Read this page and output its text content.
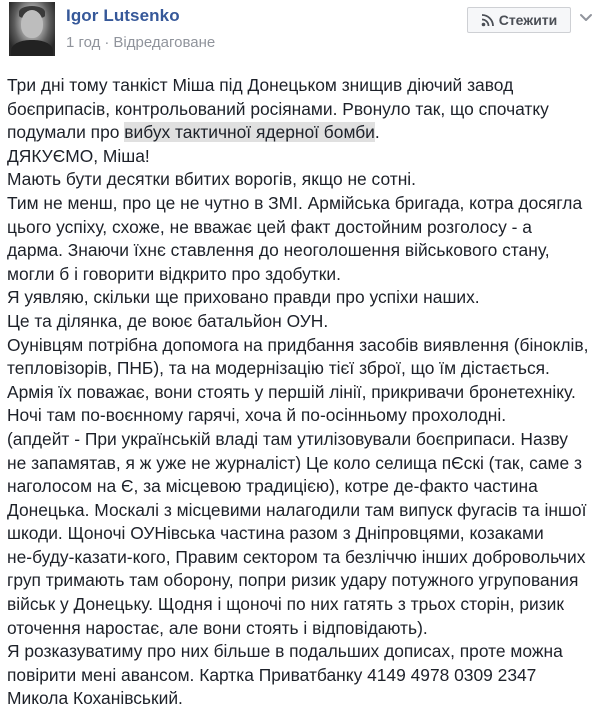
Igor Lutsenko
1 год · Відредаговане
Стежити
Три дні тому танкіст Міша під Донецьком знищив діючий завод
боєприпасів, контрольований росіянами. Рвонуло так, що спочатку
подумали про вибух тактичної ядерної бомби.
ДЯКУЄМО, Міша!
Мають бути десятки вбитих ворогів, якщо не сотні.
Тим не менш, про це не чутно в ЗМІ. Армійська бригада, котра досягла
цього успіху, схоже, не вважає цей факт достойним розголосу - а
дарма. Знаючи їхнє ставлення до неоголошення військового стану,
могли б і говорити відкрито про здобутки.
Я уявляю, скільки ще приховано правди про успіхи наших.
Це та ділянка, де воює батальйон ОУН.
Оунівцям потрібна допомога на придбання засобів виявлення (біноклів,
тепловізорів, ПНБ), та на модернізацію тієї зброї, що їм дістається.
Армія їх поважає, вони стоять у першій лінії, прикривачи бронетехніку.
Ночі там по-воєнному гарячі, хоча й по-осінньому прохолодні.
(апдейт - При українській владі там утилізовували боєприпаси. Назву
не запамятав, я ж уже не журналіст) Це коло селища пЄскі (так, саме з
наголосом на Є, за місцевою традицією), котре де-факто частина
Донецька. Москалі з місцевими налагодили там випуск фугасів та іншої
шкоди. Щоночі ОУНівська частина разом з Дніпровцями, козаками
не-буду-казати-кого, Правим сектором та безліччю інших добровольчих
груп тримають там оборону, попри ризик удару потужного угрупования
військ у Донецьку. Щодня і щоночі по них гатять з трьох сторін, ризик
оточення наростає, але вони стоять і відповідають).
Я розказуватиму про них більше в подальших дописах, проте можна
повірити мені авансом. Картка Приватбанку 4149 4978 0309 2347
Микола Коханівський.
